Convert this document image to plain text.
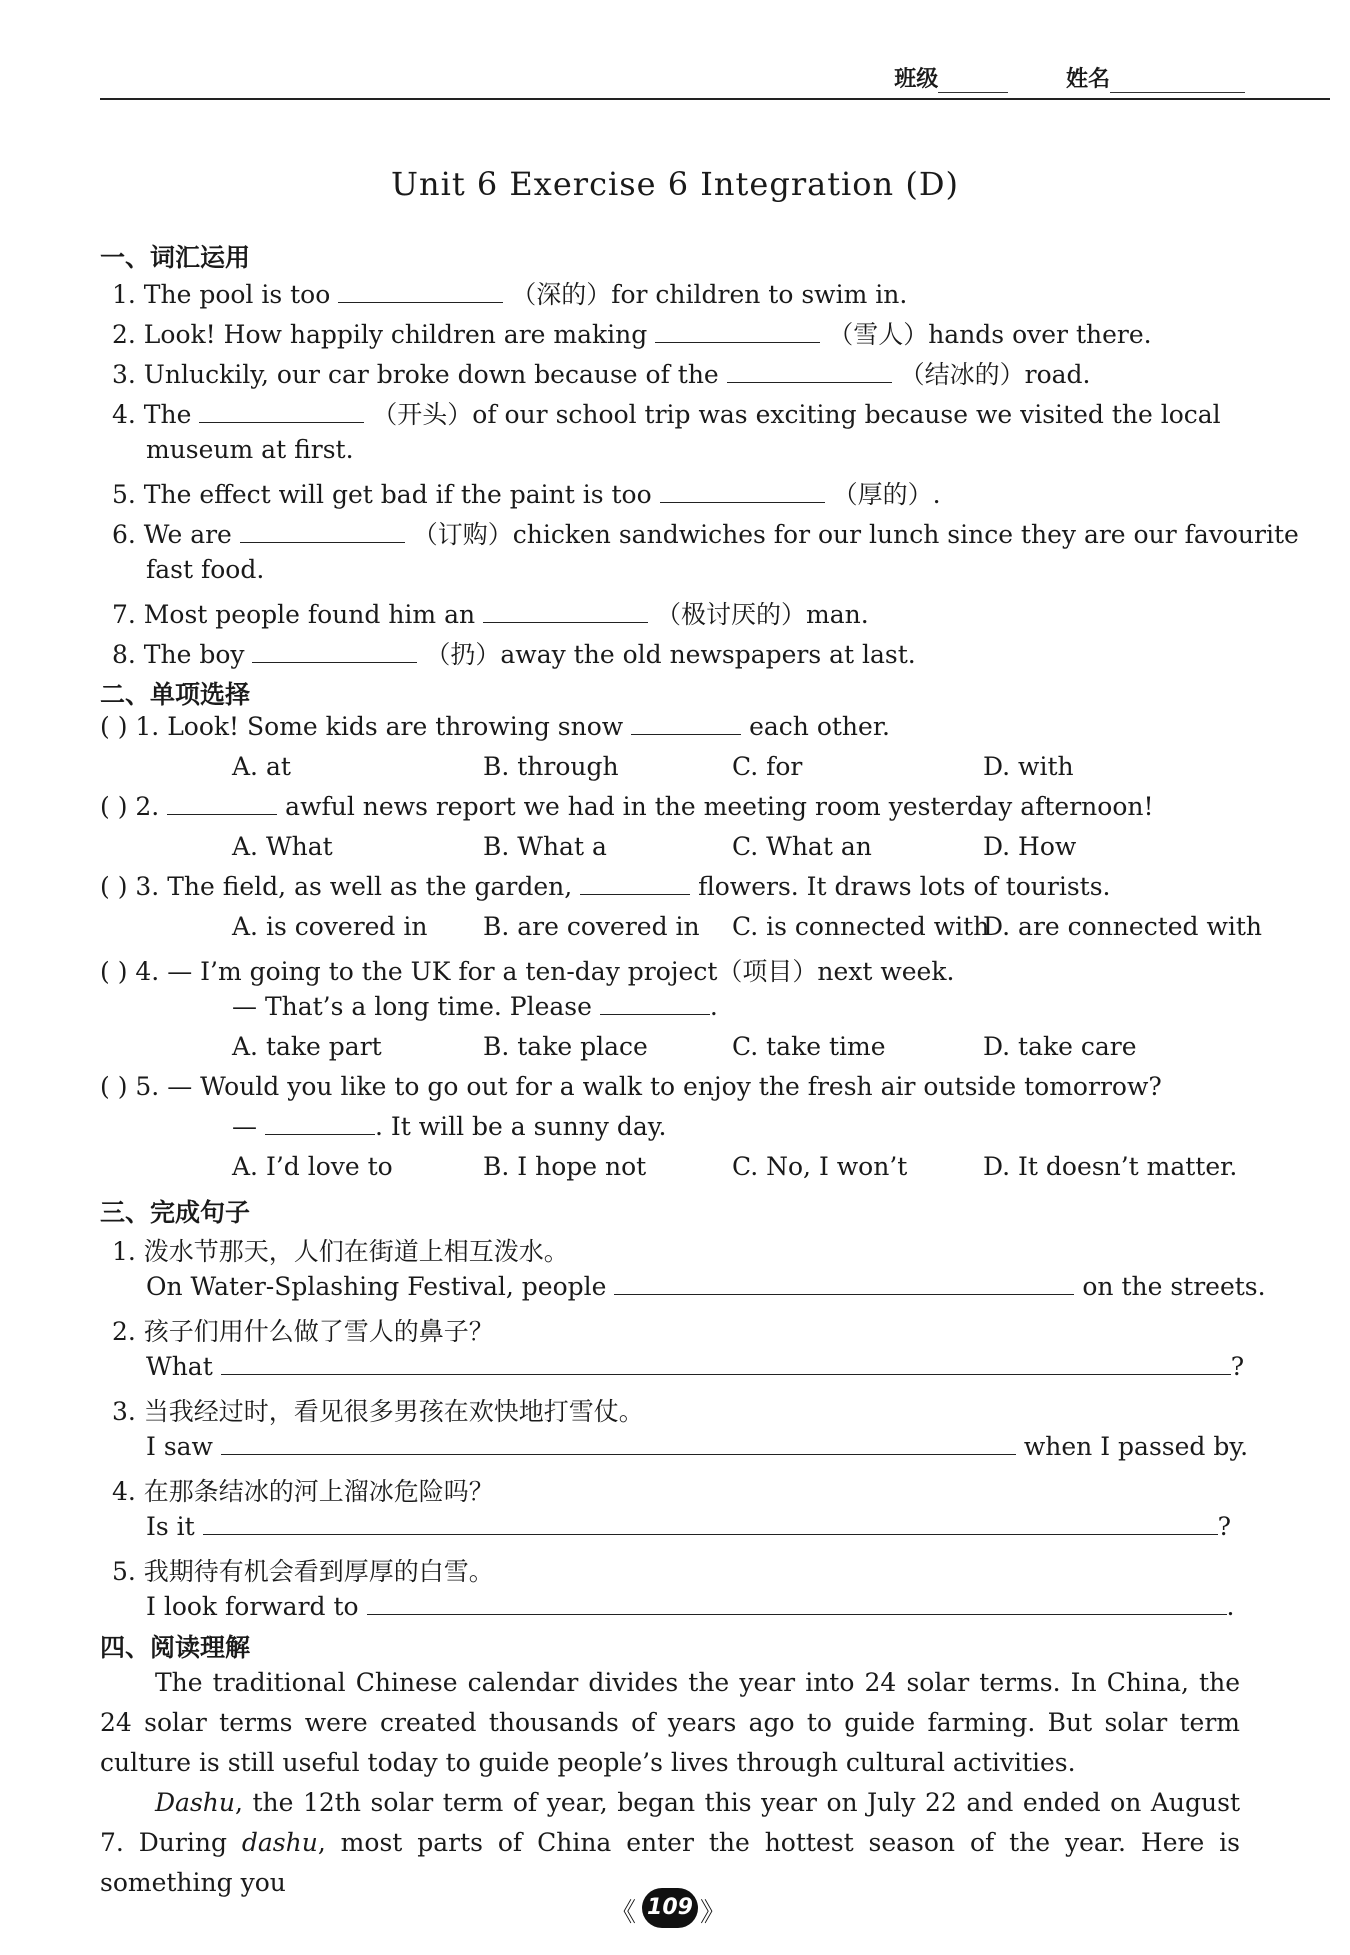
班级	姓名
Unit 6 Exercise 6 Integration (D)
一、词汇运用
1. The pool is too	（深的）for children to swim in.
2. Look! How happily children are making	（雪人）hands over there.
3. Unluckily, our car broke down because of the	（结冰的）road.
4. The	（开头）of our school trip was exciting because we visited the local
museum at first.
5. The effect will get bad if the paint is too	（厚的）.
6. We are	（订购）chicken sandwiches for our lunch since they are our favourite
fast food.
7. Most people found him an	（极讨厌的）man.
8. The boy	（扔）away the old newspapers at last.
二、单项选择
( ) 1. Look! Some kids are throwing snow	each other.
A. at	B. through	C. for	D. with
( ) 2.	awful news report we had in the meeting room yesterday afternoon!
A. What	B. What a	C. What an	D. How
( ) 3. The field, as well as the garden,	flowers. It draws lots of tourists.
A. is covered in B. are covered in C. is connected with
D. are connected with
( ) 4. — I’m going to the UK for a ten-day project（项目）next week.
— That’s a long time. Please	.
A. take part	B. take place	C. take time	D. take care
( ) 5. — Would you like to go out for a walk to enjoy the fresh air outside tomorrow?
—	. It will be a sunny day.
A. I’d love to	B. I hope not	C. No, I won’t	D. It doesn’t matter.
三、完成句子
1. 泼水节那天，人们在街道上相互泼水。
On Water-Splashing Festival, people	on the streets.
2. 孩子们用什么做了雪人的鼻子？
What	?
3. 当我经过时，看见很多男孩在欢快地打雪仗。
I saw	when I passed by.
4. 在那条结冰的河上溜冰危险吗？
Is it	?
5. 我期待有机会看到厚厚的白雪。
I look forward to	.
四、阅读理解
The traditional Chinese calendar divides the year into 24 solar terms. In China, the 24 solar terms were created thousands of years ago to guide farming. But solar term culture is still useful today to guide people’s lives through cultural activities.
Dashu, the 12th solar term of year, began this year on July 22 and ended on August 7. During dashu, most parts of China enter the hottest season of the year. Here is something you
《 109 》
